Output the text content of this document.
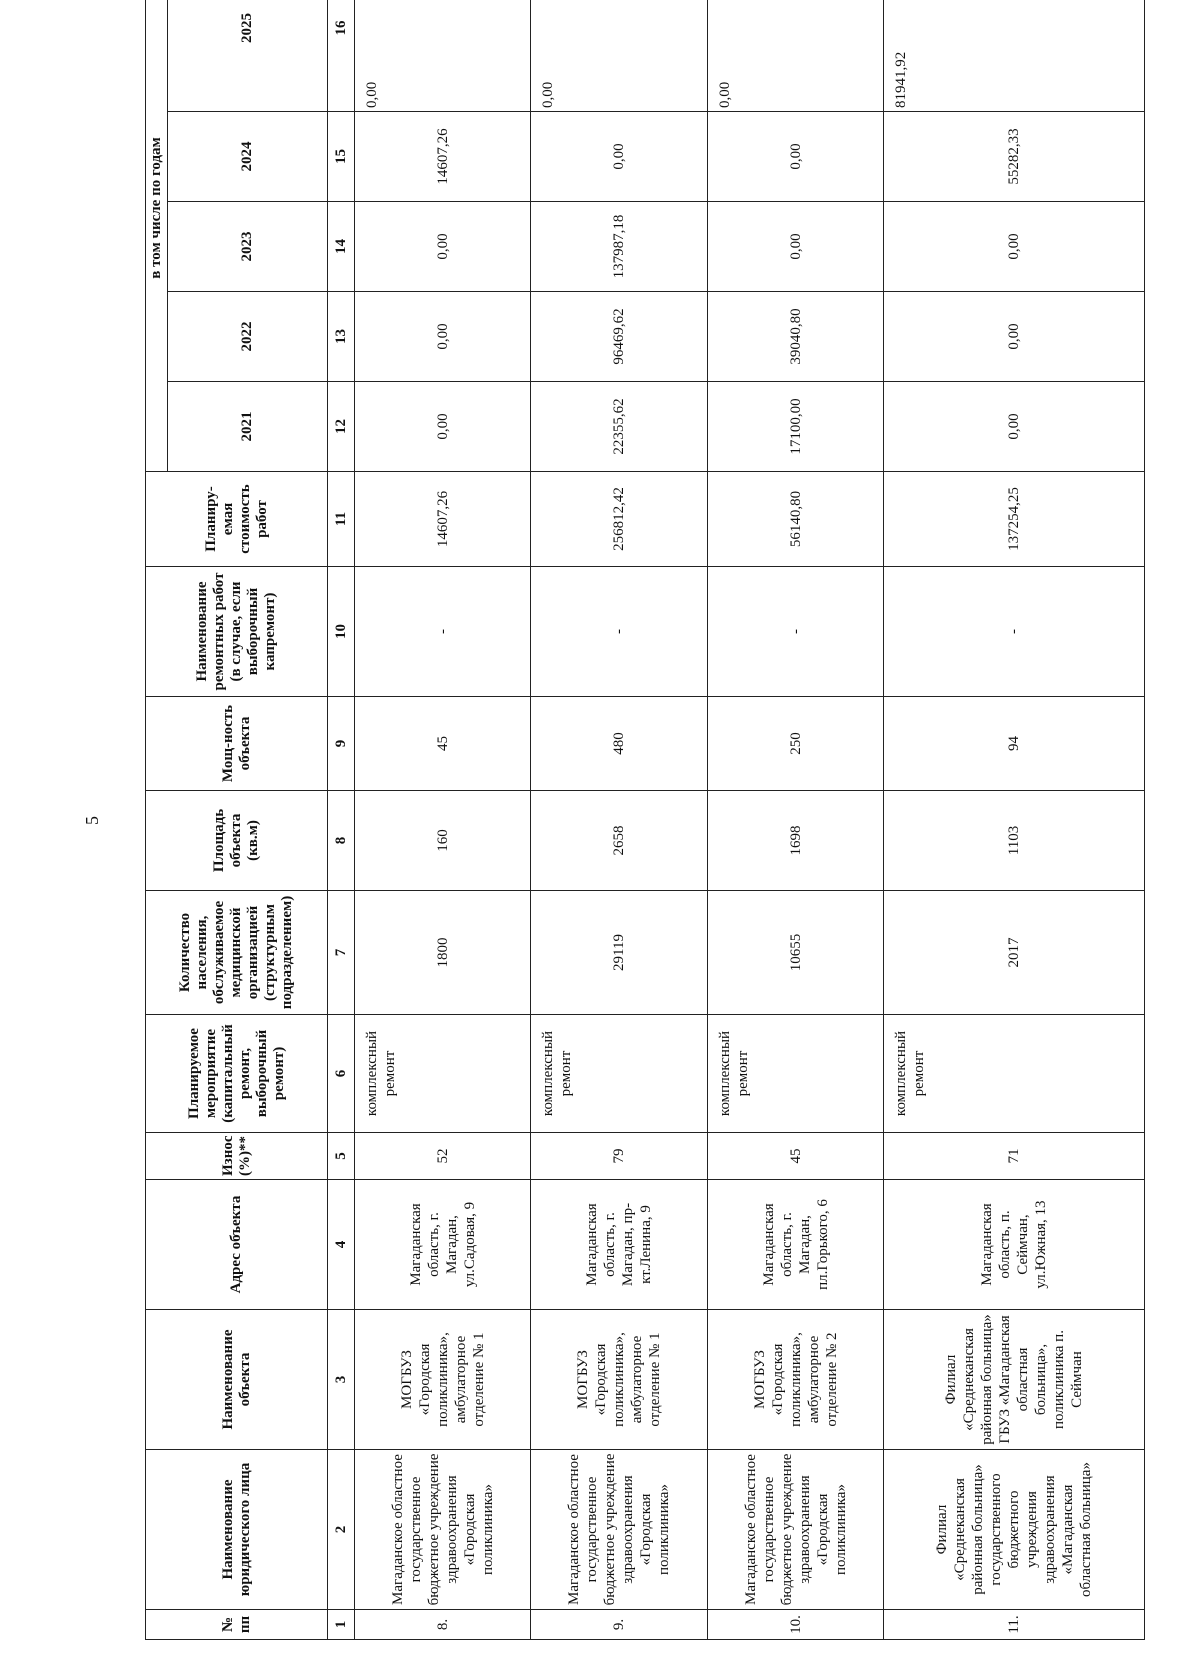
5
№ пп	Наименование юридического лица	Наименование объекта	Адрес объекта	Износ (%)**	Планируемое мероприятие (капитальный ремонт, выборочный ремонт)	Количество населения, обслуживаемое медицинской организацией (структурным подразделением)	Площадь объекта (кв.м)	Мощ-ность объекта	Наименование ремонтных работ (в случае, если выборочный капремонт)	Планиру-емая стоимость работ	в том числе по годам				
											2021	2022	2023	2024	2025
1	2	3	4	5	6	7	8	9	10	11	12	13	14	15	16
8.	Магаданское областное государственное бюджетное учреждение здравоохранения «Городская поликлиника»	МОГБУЗ «Городская поликлиника», амбулаторное отделение № 1	Магаданская область, г. Магадан, ул.Садовая, 9	52	комплексный ремонт	1800	160	45	-	14607,26	0,00	0,00	0,00	14607,26	0,00
9.	Магаданское областное государственное бюджетное учреждение здравоохранения «Городская поликлиника»	МОГБУЗ «Городская поликлиника», амбулаторное отделение № 1	Магаданская область, г. Магадан, пр-кт.Ленина, 9	79	комплексный ремонт	29119	2658	480	-	256812,42	22355,62	96469,62	137987,18	0,00	0,00
10.	Магаданское областное государственное бюджетное учреждение здравоохранения «Городская поликлиника»	МОГБУЗ «Городская поликлиника», амбулаторное отделение № 2	Магаданская область, г. Магадан, пл.Горького, 6	45	комплексный ремонт	10655	1698	250	-	56140,80	17100,00	39040,80	0,00	0,00	0,00
11.	Филиал «Среднеканская районная больница» государственного бюджетного учреждения здравоохранения «Магаданская областная больница»	Филиал «Среднеканская районная больница» ГБУЗ «Магаданская областная больница», поликлиника п. Сеймчан	Магаданская область, п. Сеймчан, ул.Южная, 13	71	комплексный ремонт	2017	1103	94	-	137254,25	0,00	0,00	0,00	55282,33	81941,92
